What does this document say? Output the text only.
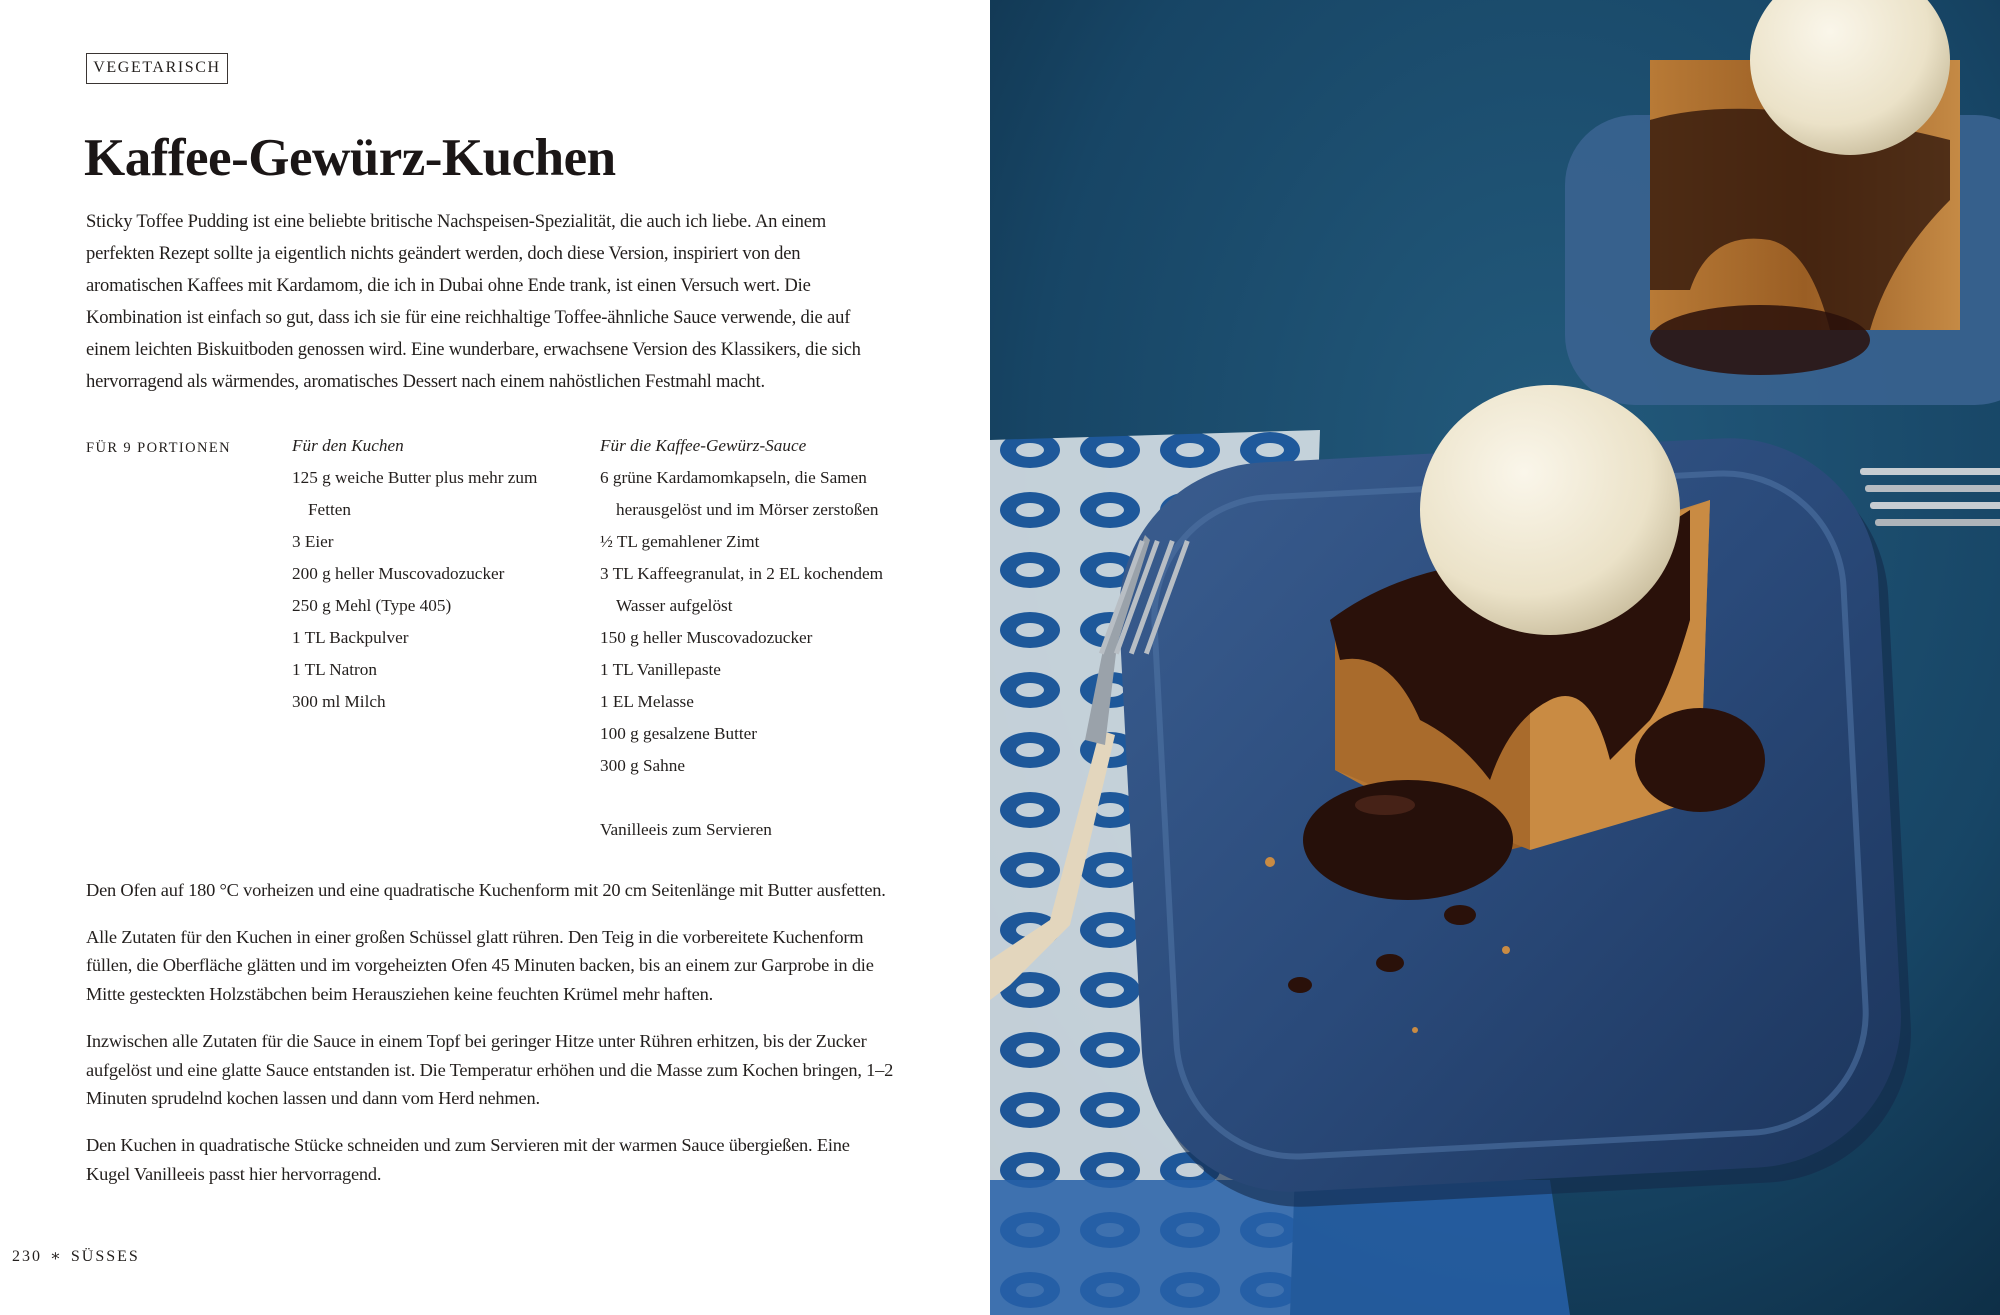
VEGETARISCH
Kaffee-Gewürz-Kuchen

Sticky Toffee Pudding ist eine beliebte britische Nachspeisen-Spezialität, die auch ich liebe. An einem perfekten Rezept sollte ja eigentlich nichts geändert werden, doch diese Version, inspiriert von den aromatischen Kaffees mit Kardamom, die ich in Dubai ohne Ende trank, ist einen Versuch wert. Die Kombination ist einfach so gut, dass ich sie für eine reichhaltige Toffee-ähnliche Sauce verwende, die auf einem leichten Biskuitboden genossen wird. Eine wunderbare, erwachsene Version des Klassikers, die sich hervorragend als wärmendes, aromatisches Dessert nach einem nahöstlichen Festmahl macht.

FÜR 9 PORTIONEN	Für den Kuchen
125 g weiche Butter plus mehr zum Fetten
3 Eier
200 g heller Muscovadozucker
250 g Mehl (Type 405)
1 TL Backpulver
1 TL Natron
300 ml Milch
Für die Kaffee-Gewürz-Sauce
6 grüne Kardamomkapseln, die Samen herausgelöst und im Mörser zerstoßen
½ TL gemahlener Zimt
3 TL Kaffeegranulat, in 2 EL kochendem Wasser aufgelöst
150 g heller Muscovadozucker
1 TL Vanillepaste
1 EL Melasse
100 g gesalzene Butter
300 g Sahne
Vanilleeis zum Servieren

Den Ofen auf 180 °C vorheizen und eine quadratische Kuchenform mit 20 cm Seitenlänge mit Butter ausfetten.

Alle Zutaten für den Kuchen in einer großen Schüssel glatt rühren. Den Teig in die vorbereitete Kuchenform füllen, die Oberfläche glätten und im vorgeheizten Ofen 45 Minuten backen, bis an einem zur Garprobe in die Mitte gesteckten Holzstäbchen beim Herausziehen keine feuchten Krümel mehr haften.

Inzwischen alle Zutaten für die Sauce in einem Topf bei geringer Hitze unter Rühren erhitzen, bis der Zucker aufgelöst und eine glatte Sauce entstanden ist. Die Temperatur erhöhen und die Masse zum Kochen bringen, 1–2 Minuten sprudelnd kochen lassen und dann vom Herd nehmen.

Den Kuchen in quadratische Stücke schneiden und zum Servieren mit der warmen Sauce übergießen. Eine Kugel Vanilleeis passt hier hervorragend.

230 ∗ SÜSSES
